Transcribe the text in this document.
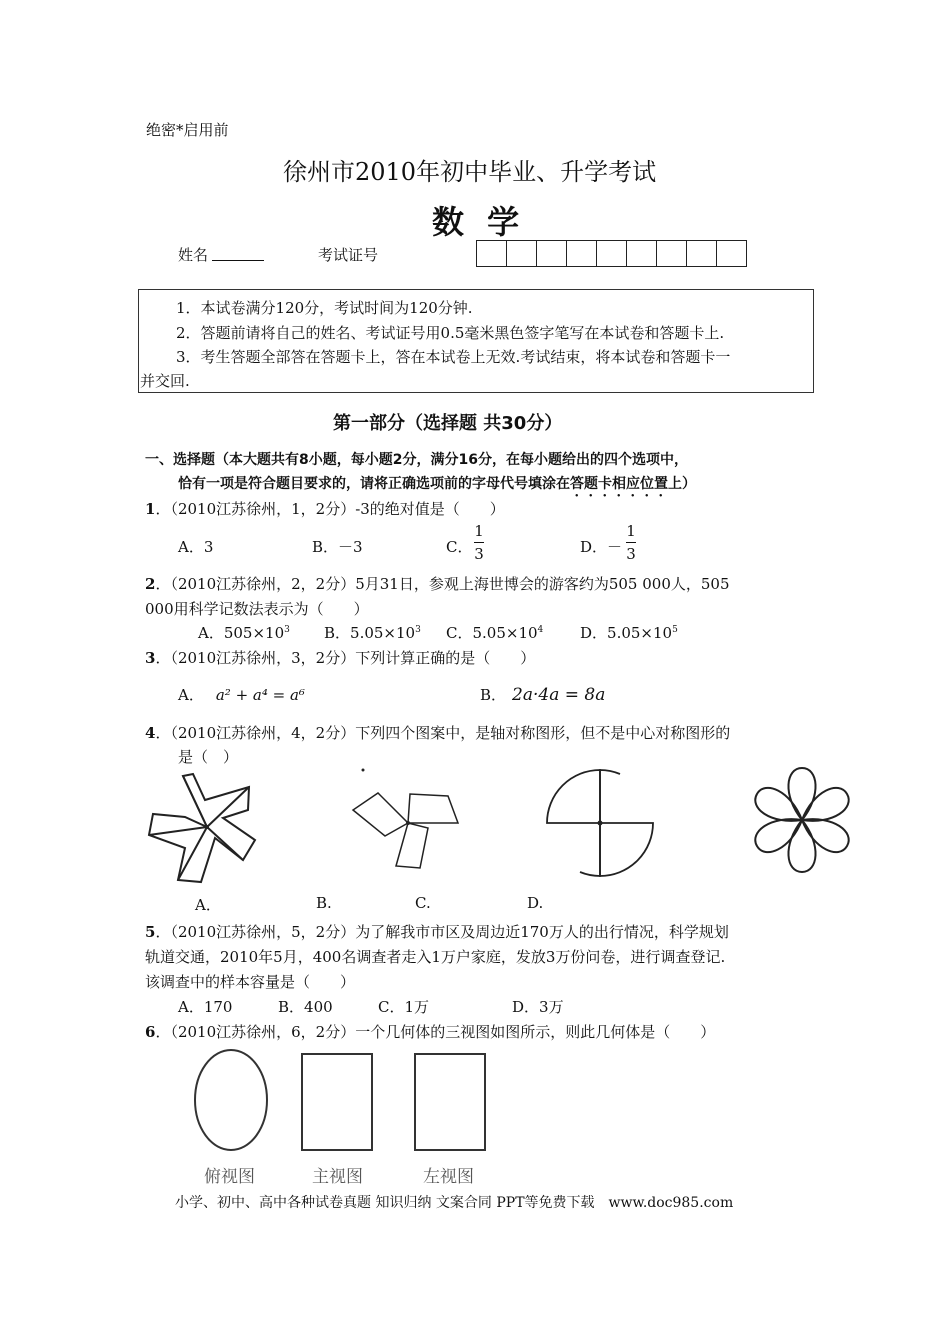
绝密*启用前
徐州市2010年初中毕业、升学考试
数 学
姓名	考试证号
1．本试卷满分120分，考试时间为120分钟.
2．答题前请将自己的姓名、考试证号用0.5毫米黑色签字笔写在本试卷和答题卡上.
3．考生答题全部答在答题卡上，答在本试卷上无效.考试结束，将本试卷和答题卡一
并交回.
第一部分（选择题 共30分）
一、选择题（本大题共有8小题，每小题2分，满分16分，在每小题给出的四个选项中，
恰有一项是符合题目要求的，请将正确选项前的字母代号填涂在答题卡相应位置上）
1．（2010江苏徐州，1，2分）-3的绝对值是（　　）
A．3	B．－3	C．
1
3	D．－
1
3
2．（2010江苏徐州，2，2分）5月31日，参观上海世博会的游客约为505 000人，505
000用科学记数法表示为（　　）
A．$505\times 10^3$ B．$5.05\times 10^3$ C．$5.05\times 10^4$ D．$5.05\times 10^5$
3．（2010江苏徐州，3，2分）下列计算正确的是（　　）
A． a² + a⁴ = a⁶	B． 2a·4a = 8a
4．（2010江苏徐州，4，2分）下列四个图案中，是轴对称图形，但不是中心对称图形的
是（　）
A．	B.	C.	D.
5．（2010江苏徐州，5，2分）为了解我市市区及周边近170万人的出行情况，科学规划
轨道交通，2010年5月，400名调查者走入1万户家庭，发放3万份问卷，进行调查登记.
该调查中的样本容量是（　　）
A．170	B．400	C．1万	D．3万
6．（2010江苏徐州，6，2分）一个几何体的三视图如图所示，则此几何体是（　　）
俯视图	主视图	左视图
小学、初中、高中各种试卷真题 知识归纳 文案合同 PPT等免费下载　www.doc985.com
